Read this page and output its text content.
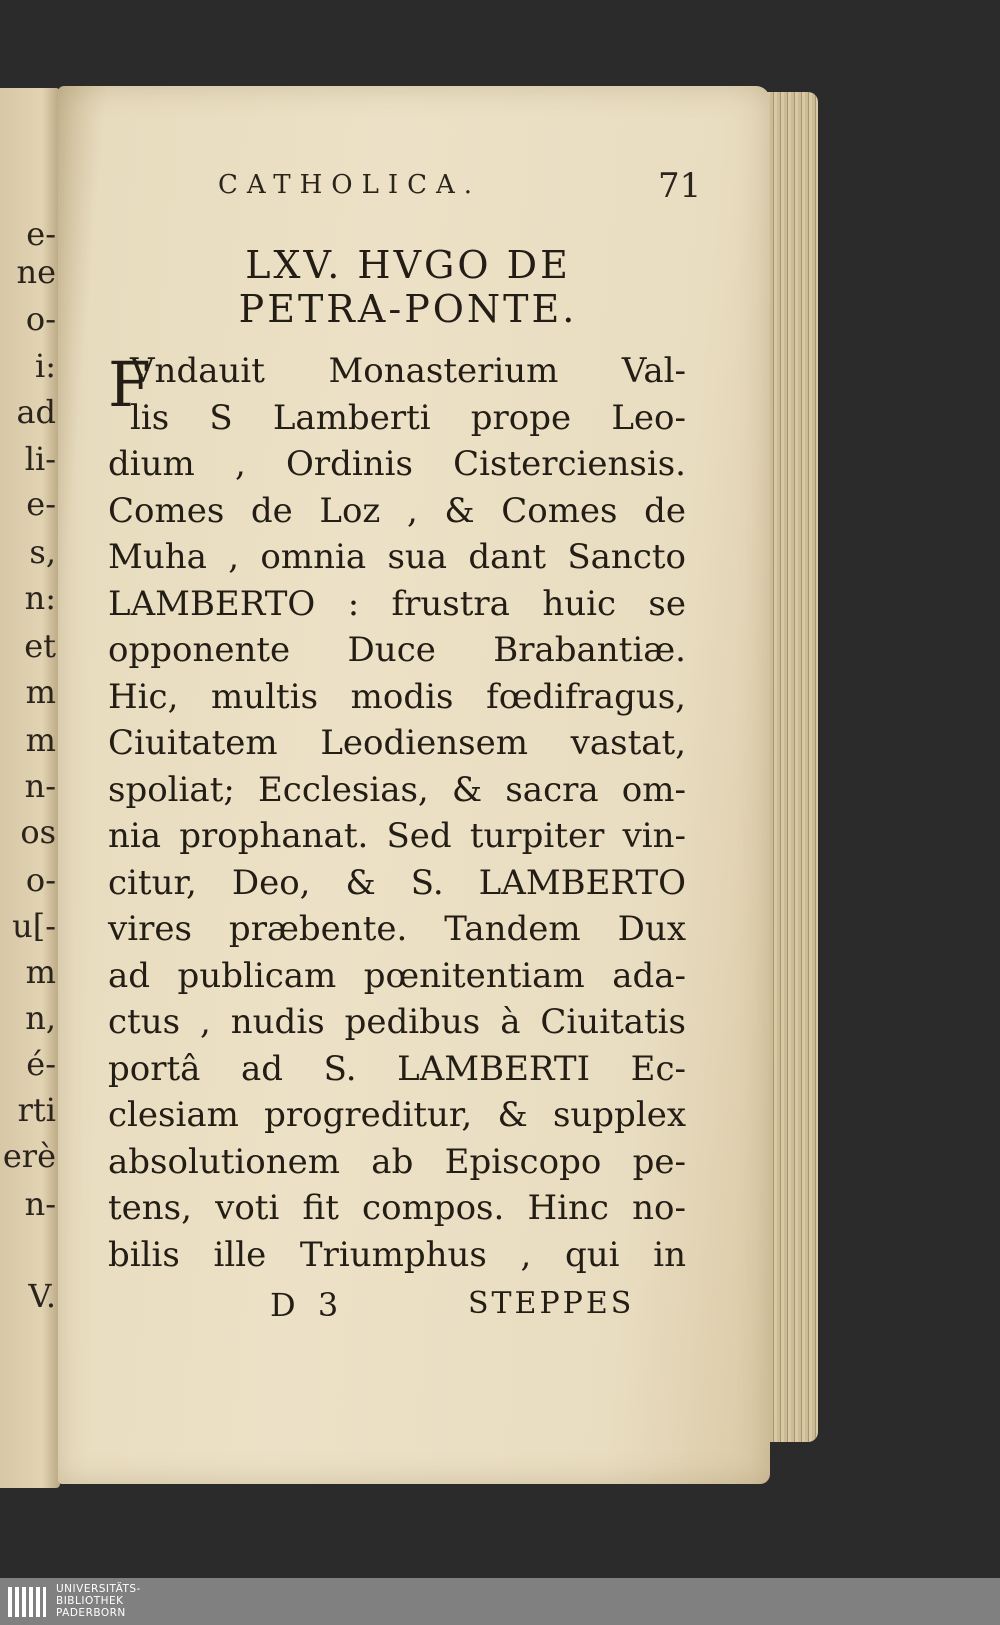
e-
ne
o-
i:
ad
li-
e-
s,
n:
et
m
m
n-
os
o-
u[-
m
n,
é-
rti
erè
n-
V.
CATHOLICA.	71
LXV. HVGO DE
PETRA-PONTE.
F
Vndauit Monasterium Val-
lis S Lamberti prope Leo-
dium , Ordinis Cisterciensis.
Comes de Loz , & Comes de
Muha , omnia sua dant Sancto
LAMBERTO : frustra huic se
opponente Duce Brabantiæ.
Hic, multis modis fœdifragus,
Ciuitatem Leodiensem vastat,
spoliat; Ecclesias, & sacra om-
nia prophanat. Sed turpiter vin-
citur, Deo, & S. LAMBERTO
vires præbente. Tandem Dux
ad publicam pœnitentiam ada-
ctus , nudis pedibus à Ciuitatis
portâ ad S. LAMBERTI Ec-
clesiam progreditur, & supplex
absolutionem ab Episcopo pe-
tens, voti fit compos. Hinc no-
bilis ille Triumphus , qui in
D 3	STEPPES
UNIVERSITÄTS-
BIBLIOTHEK
PADERBORN
